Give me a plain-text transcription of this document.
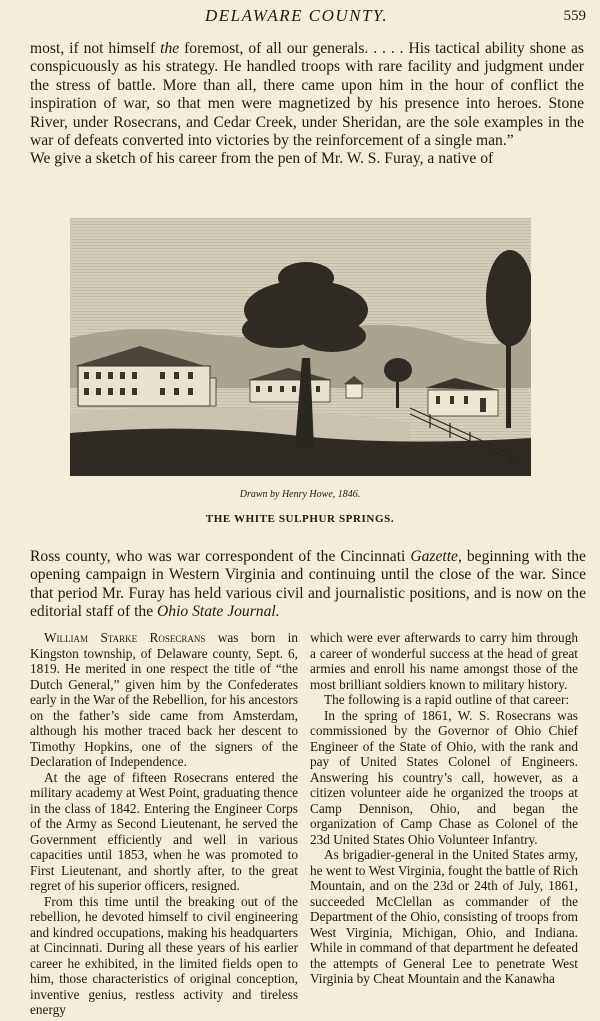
DELAWARE COUNTY.	559

most, if not himself the foremost, of all our generals. . . . . His tactical ability shone as conspicuously as his strategy. He handled troops with rare facility and judgment under the stress of battle. More than all, there came upon him in the hour of conflict the inspiration of war, so that men were magnetized by his presence into heroes. Stone River, under Rosecrans, and Cedar Creek, under Sheridan, are the sole examples in the war of defeats converted into victories by the reinforcement of a single man.”

We give a sketch of his career from the pen of Mr. W. S. Furay, a native of

Drawn by Henry Howe, 1846.
THE WHITE SULPHUR SPRINGS.

Ross county, who was war correspondent of the Cincinnati Gazette, beginning with the opening campaign in Western Virginia and continuing until the close of the war. Since that period Mr. Furay has held various civil and journalistic positions, and is now on the editorial staff of the Ohio State Journal.

William Starke Rosecrans was born in Kingston township, of Delaware county, Sept. 6, 1819. He merited in one respect the title of “the Dutch General,” given him by the Confederates early in the War of the Rebellion, for his ancestors on the father’s side came from Amsterdam, although his mother traced back her descent to Timothy Hopkins, one of the signers of the Declaration of Independence.

At the age of fifteen Rosecrans entered the military academy at West Point, graduating thence in the class of 1842. Entering the Engineer Corps of the Army as Second Lieutenant, he served the Government efficiently and well in various capacities until 1853, when he was promoted to First Lieutenant, and shortly after, to the great regret of his superior officers, resigned.

From this time until the breaking out of the rebellion, he devoted himself to civil engineering and kindred occupations, making his headquarters at Cincinnati. During all these years of his earlier career he exhibited, in the limited fields open to him, those characteristics of original conception, inventive genius, restless activity and tireless energy

which were ever afterwards to carry him through a career of wonderful success at the head of great armies and enroll his name amongst those of the most brilliant soldiers known to military history.

The following is a rapid outline of that career:

In the spring of 1861, W. S. Rosecrans was commissioned by the Governor of Ohio Chief Engineer of the State of Ohio, with the rank and pay of United States Colonel of Engineers. Answering his country’s call, however, as a citizen volunteer aide he organized the troops at Camp Dennison, Ohio, and began the organization of Camp Chase as Colonel of the 23d United States Ohio Volunteer Infantry.

As brigadier-general in the United States army, he went to West Virginia, fought the battle of Rich Mountain, and on the 23d or 24th of July, 1861, succeeded McClellan as commander of the Department of the Ohio, consisting of troops from West Virginia, Michigan, Ohio, and Indiana. While in command of that department he defeated the attempts of General Lee to penetrate West Virginia by Cheat Mountain and the Kanawha
